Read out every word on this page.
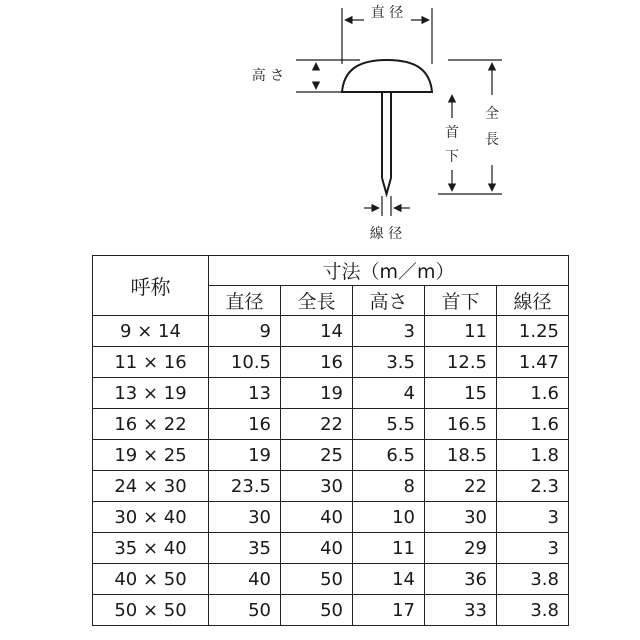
直 径
高 さ
全
長
首
下
線 径
呼称	寸法（m／m）				
	直径	全長	高さ	首下	線径
9 × 14	9	14	3	11	1.25
11 × 16	10.5	16	3.5	12.5	1.47
13 × 19	13	19	4	15	1.6
16 × 22	16	22	5.5	16.5	1.6
19 × 25	19	25	6.5	18.5	1.8
24 × 30	23.5	30	8	22	2.3
30 × 40	30	40	10	30	3
35 × 40	35	40	11	29	3
40 × 50	40	50	14	36	3.8
50 × 50	50	50	17	33	3.8
